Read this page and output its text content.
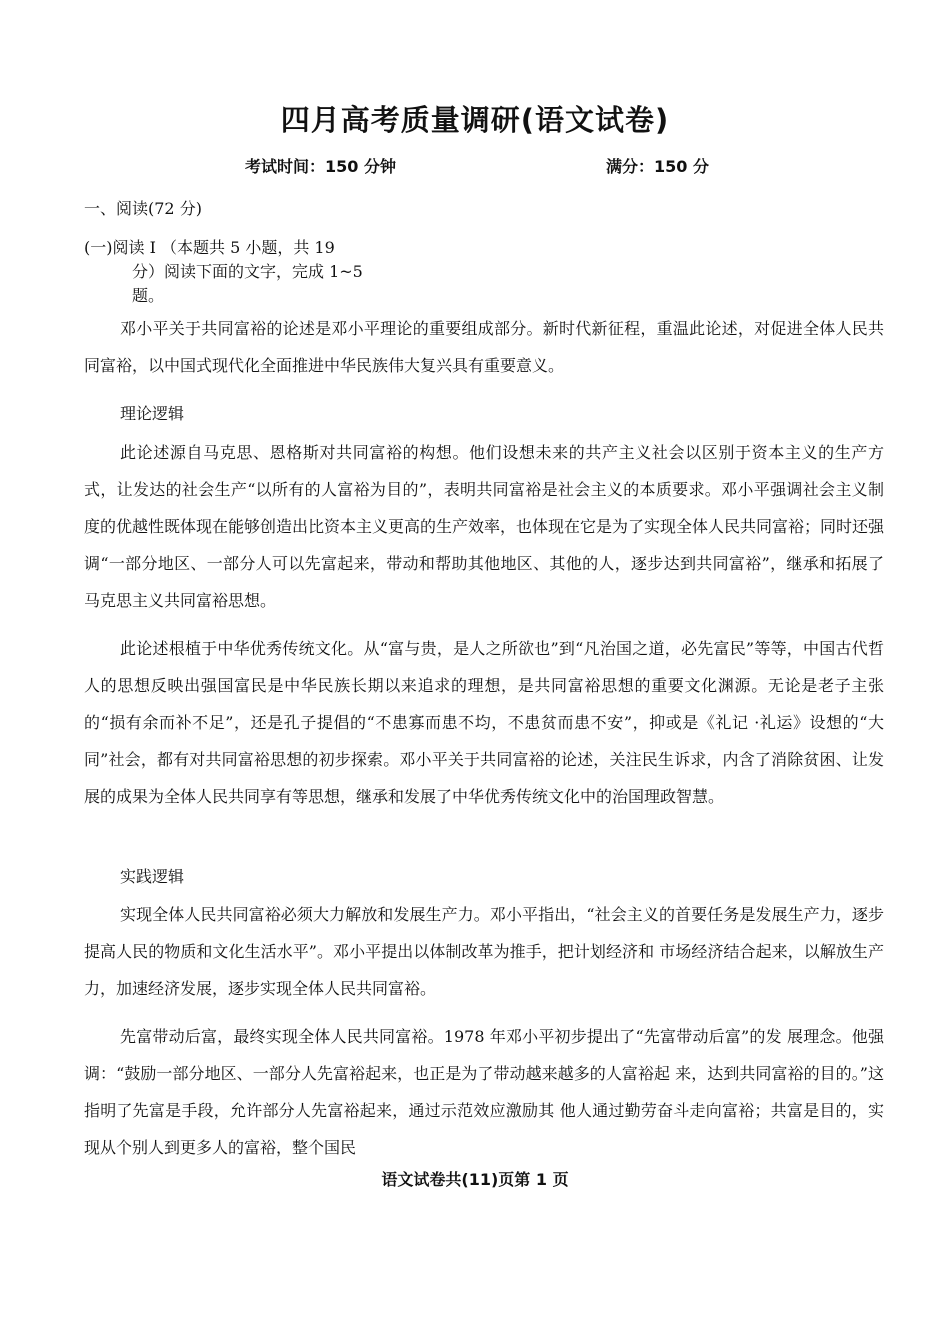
四月高考质量调研(语文试卷)

考试时间：150 分钟	满分：150 分

一、阅读(72 分)

(一)阅读 Ⅰ （本题共 5 小题，共 19
分）阅读下面的文字，完成 1~5
题。

邓小平关于共同富裕的论述是邓小平理论的重要组成部分。新时代新征程，重温此论述，对促进全体人民共同富裕，以中国式现代化全面推进中华民族伟大复兴具有重要意义。

理论逻辑

此论述源自马克思、恩格斯对共同富裕的构想。他们设想未来的共产主义社会以区别于资本主义的生产方式，让发达的社会生产“以所有的人富裕为目的”，表明共同富裕是社会主义的本质要求。邓小平强调社会主义制度的优越性既体现在能够创造出比资本主义更高的生产效率，也体现在它是为了实现全体人民共同富裕；同时还强调“一部分地区、一部分人可以先富起来，带动和帮助其他地区、其他的人，逐步达到共同富裕”，继承和拓展了马克思主义共同富裕思想。

此论述根植于中华优秀传统文化。从“富与贵，是人之所欲也”到“凡治国之道，必先富民”等等，中国古代哲人的思想反映出强国富民是中华民族长期以来追求的理想，是共同富裕思想的重要文化渊源。无论是老子主张的“损有余而补不足”，还是孔子提倡的“不患寡而患不均，不患贫而患不安”，抑或是《礼记 ·礼运》设想的“大同”社会，都有对共同富裕思想的初步探索。邓小平关于共同富裕的论述，关注民生诉求，内含了消除贫困、让发展的成果为全体人民共同享有等思想，继承和发展了中华优秀传统文化中的治国理政智慧。

实践逻辑

实现全体人民共同富裕必须大力解放和发展生产力。邓小平指出，“社会主义的首要任务是发展生产力，逐步提高人民的物质和文化生活水平”。邓小平提出以体制改革为推手，把计划经济和 市场经济结合起来，以解放生产力，加速经济发展，逐步实现全体人民共同富裕。

先富带动后富，最终实现全体人民共同富裕。1978 年邓小平初步提出了“先富带动后富”的发 展理念。他强调：“鼓励一部分地区、一部分人先富裕起来，也正是为了带动越来越多的人富裕起 来，达到共同富裕的目的。”这指明了先富是手段，允许部分人先富裕起来，通过示范效应激励其 他人通过勤劳奋斗走向富裕；共富是目的，实现从个别人到更多人的富裕，整个国民

语文试卷共(11)页第 1 页
